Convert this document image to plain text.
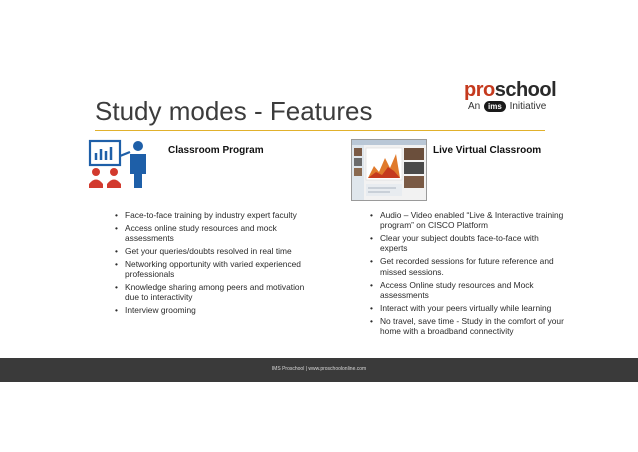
proschool
An ims Initiative
Study modes - Features
Classroom Program	Live Virtual Classroom
• Face-to-face training by industry expert faculty
• Access online study resources and mock assessments
• Get your queries/doubts resolved in real time
• Networking opportunity with varied experienced professionals
• Knowledge sharing among peers and motivation due to interactivity
• Interview grooming
• Audio – Video enabled “Live & Interactive training program” on CISCO Platform
• Clear your subject doubts face-to-face with experts
• Get recorded sessions for future reference and missed sessions.
• Access Online study resources and Mock assessments
• Interact with your peers virtually while learning
• No travel, save time - Study in the comfort of your home with a broadband connectivity
IMS Proschool | www.proschoolonline.com
